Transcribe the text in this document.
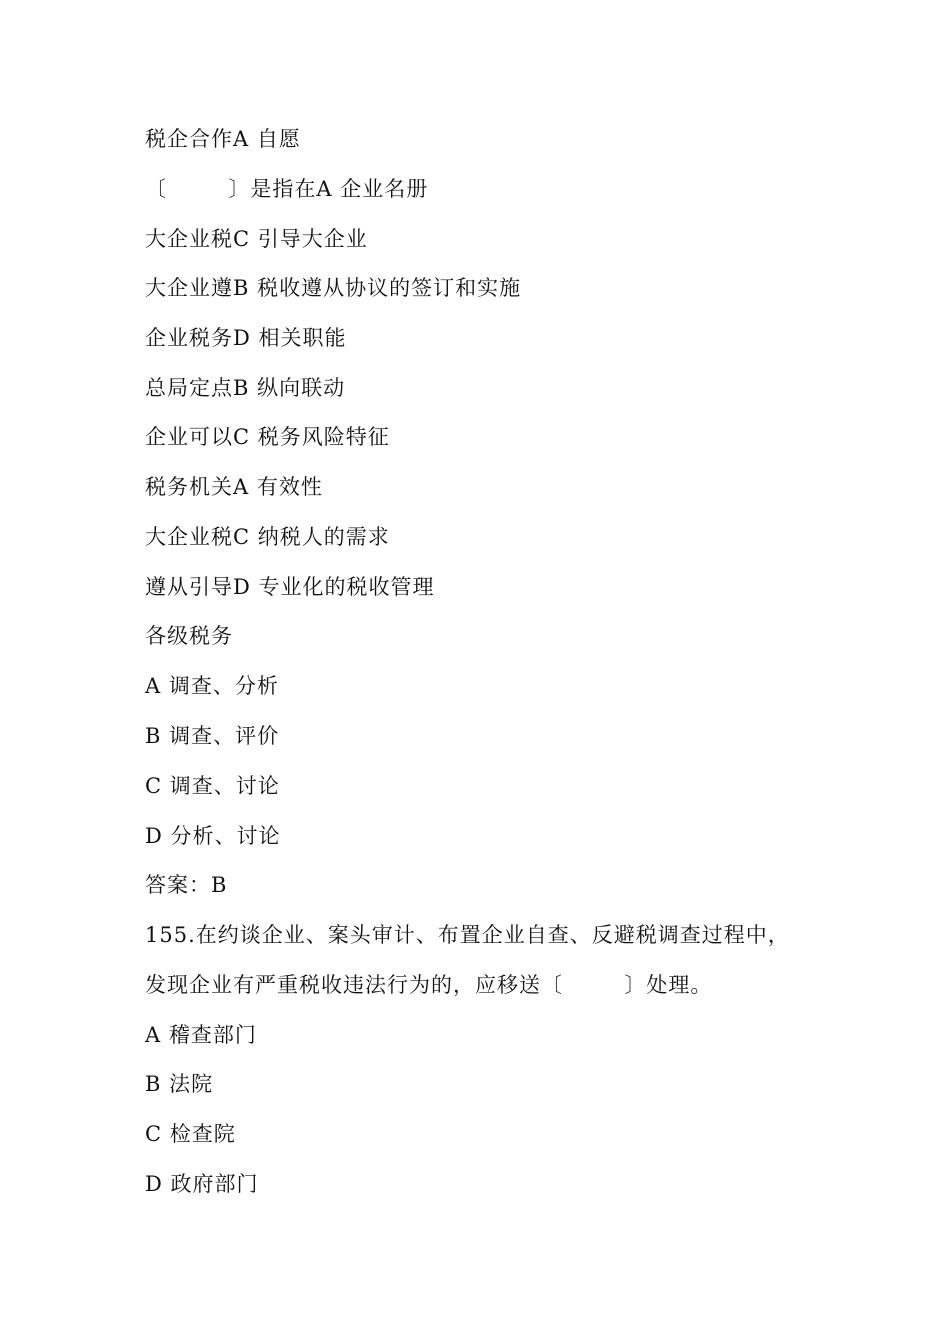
税企合作A 自愿
〔        〕是指在A 企业名册
大企业税C 引导大企业
大企业遵B 税收遵从协议的签订和实施
企业税务D 相关职能
总局定点B 纵向联动
企业可以C 税务风险特征
税务机关A 有效性
大企业税C 纳税人的需求
遵从引导D 专业化的税收管理
各级税务
A 调查、分析
B 调查、评价
C 调查、讨论
D 分析、讨论
答案：B
155.在约谈企业、案头审计、布置企业自查、反避税调查过程中，
发现企业有严重税收违法行为的，应移送〔        〕处理。
A 稽查部门
B 法院
C 检查院
D 政府部门
